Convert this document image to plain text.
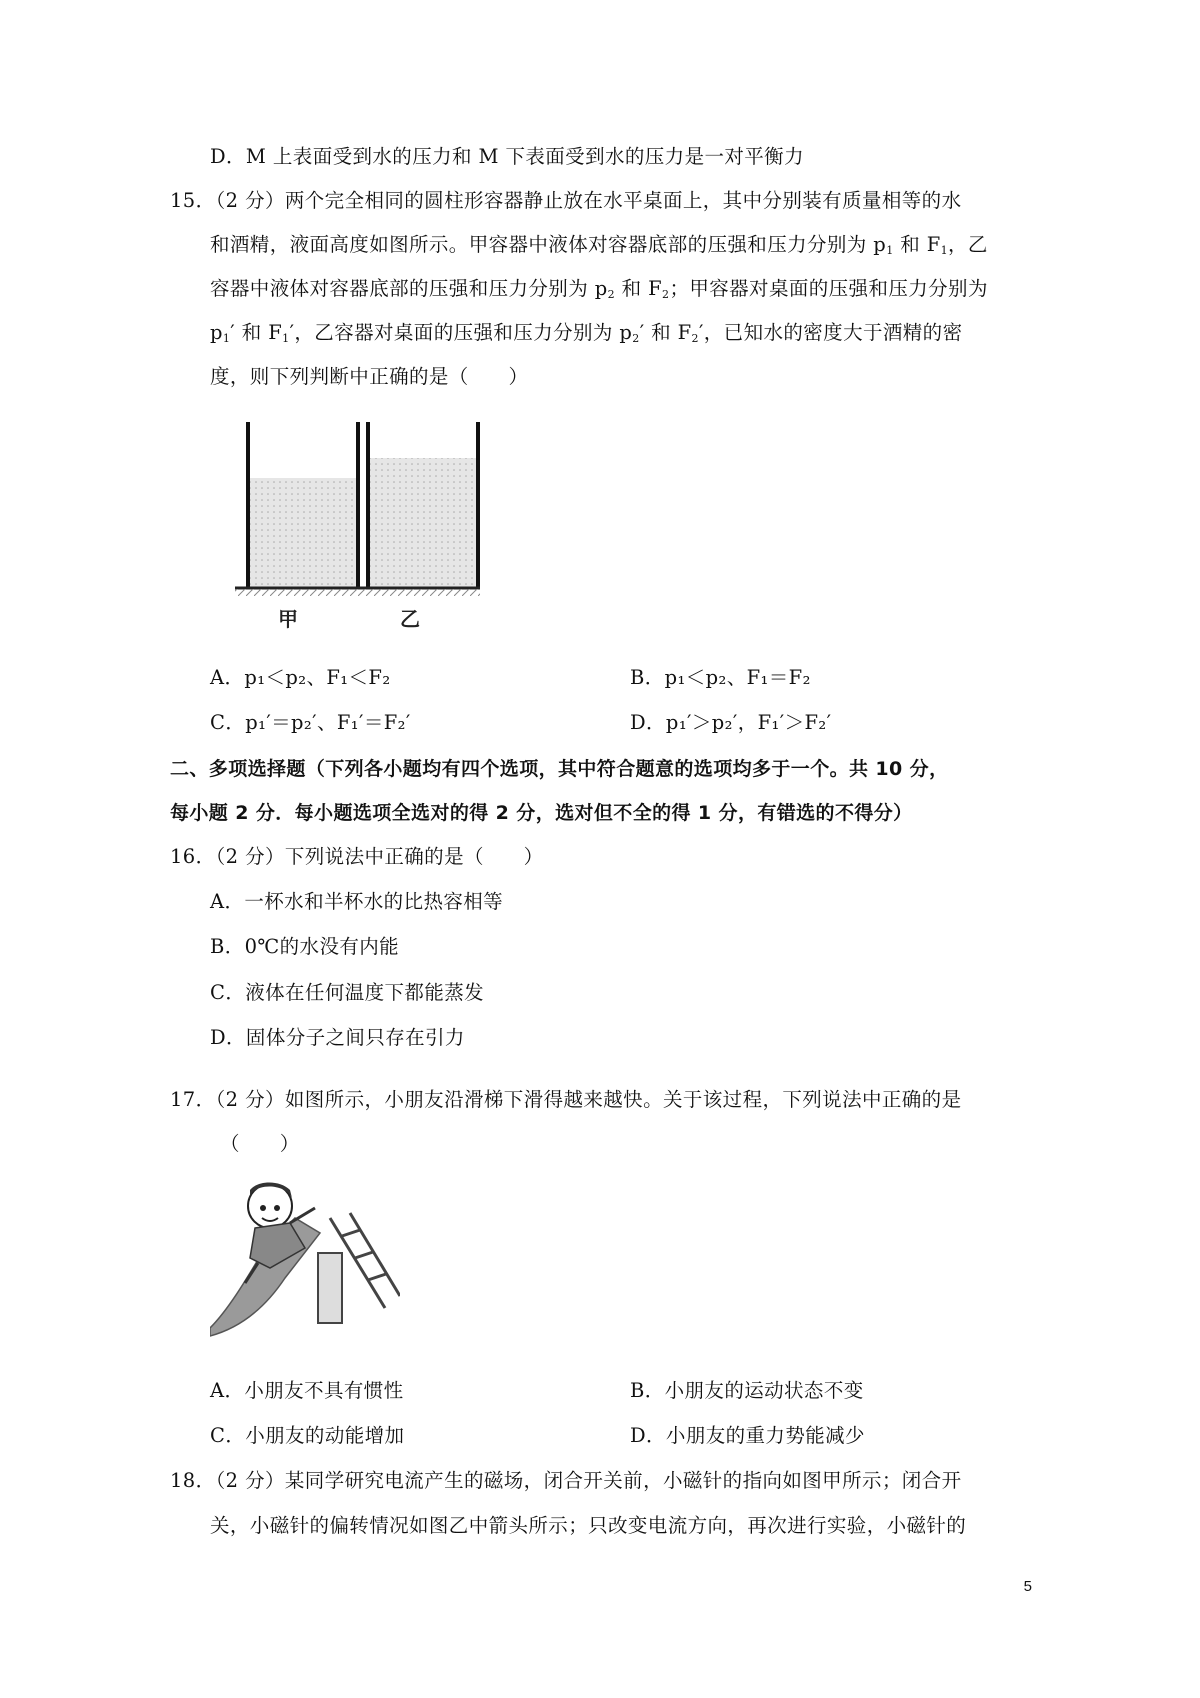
D．M 上表面受到水的压力和 M 下表面受到水的压力是一对平衡力
15．（2 分）两个完全相同的圆柱形容器静止放在水平桌面上，其中分别装有质量相等的水
和酒精，液面高度如图所示。甲容器中液体对容器底部的压强和压力分别为 $p_1$ 和 $F_1$，乙
容器中液体对容器底部的压强和压力分别为 $p_2$ 和 $F_2$；甲容器对桌面的压强和压力分别为
$p_1'$ 和 $F_1'$，乙容器对桌面的压强和压力分别为 $p_2'$ 和 $F_2'$，已知水的密度大于酒精的密
度，则下列判断中正确的是（　　）
甲	乙
A．p₁＜p₂、F₁＜F₂	B．p₁＜p₂、F₁＝F₂
C．p₁′＝p₂′、F₁′＝F₂′	D．p₁′＞p₂′，F₁′＞F₂′
二、多项选择题（下列各小题均有四个选项，其中符合题意的选项均多于一个。共 10 分，
每小题 2 分．每小题选项全选对的得 2 分，选对但不全的得 1 分，有错选的不得分）
16．（2 分）下列说法中正确的是（　　）
A．一杯水和半杯水的比热容相等
B．0℃的水没有内能
C．液体在任何温度下都能蒸发
D．固体分子之间只存在引力
17．（2 分）如图所示，小朋友沿滑梯下滑得越来越快。关于该过程，下列说法中正确的是
（　　）
A．小朋友不具有惯性	B．小朋友的运动状态不变
C．小朋友的动能增加	D．小朋友的重力势能减少
18．（2 分）某同学研究电流产生的磁场，闭合开关前，小磁针的指向如图甲所示；闭合开
关，小磁针的偏转情况如图乙中箭头所示；只改变电流方向，再次进行实验，小磁针的
5
